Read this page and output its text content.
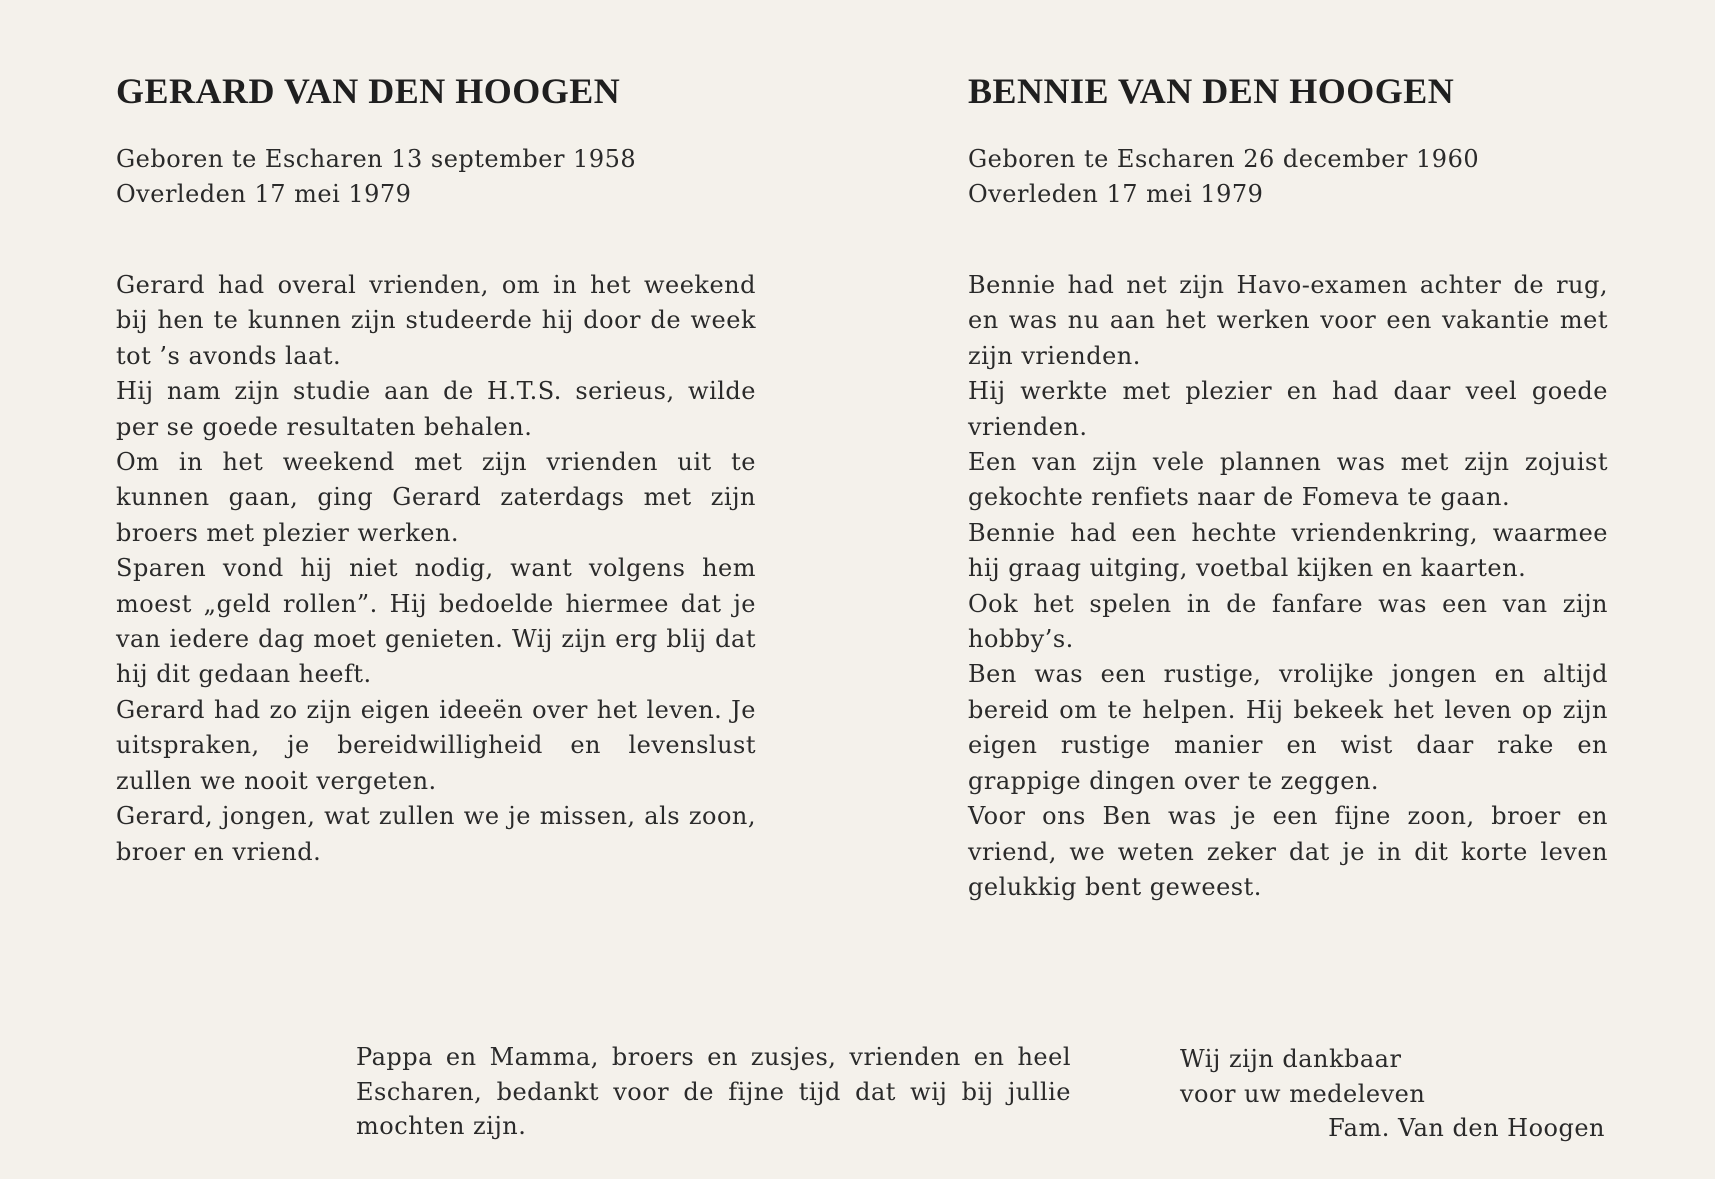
GERARD VAN DEN HOOGEN

Geboren te Escharen 13 september 1958

Overleden 17 mei 1979

Gerard had overal vrienden, om in het weekend bij hen te kunnen zijn studeerde hij door de week tot ’s avonds laat.

Hij nam zijn studie aan de H.T.S. serieus, wilde per se goede resultaten behalen.

Om in het weekend met zijn vrienden uit te kunnen gaan, ging Gerard zaterdags met zijn broers met plezier werken.

Sparen vond hij niet nodig, want volgens hem moest „geld rollen”. Hij bedoelde hiermee dat je van iedere dag moet genieten. Wij zijn erg blij dat hij dit gedaan heeft.

Gerard had zo zijn eigen ideeën over het leven. Je uitspraken, je bereidwilligheid en levenslust zullen we nooit vergeten.

Gerard, jongen, wat zullen we je missen, als zoon, broer en vriend.

BENNIE VAN DEN HOOGEN

Geboren te Escharen 26 december 1960

Overleden 17 mei 1979

Bennie had net zijn Havo-examen achter de rug, en was nu aan het werken voor een vakantie met zijn vrienden.

Hij werkte met plezier en had daar veel goede vrienden.

Een van zijn vele plannen was met zijn zojuist gekochte renfiets naar de Fomeva te gaan.

Bennie had een hechte vriendenkring, waarmee hij graag uitging, voetbal kijken en kaarten.

Ook het spelen in de fanfare was een van zijn hobby’s.

Ben was een rustige, vrolijke jongen en altijd bereid om te helpen. Hij bekeek het leven op zijn eigen rustige manier en wist daar rake en grappige dingen over te zeggen.

Voor ons Ben was je een fijne zoon, broer en vriend, we weten zeker dat je in dit korte leven gelukkig bent geweest.

Pappa en Mamma, broers en zusjes, vrienden en heel Escharen, bedankt voor de fijne tijd dat wij bij jullie mochten zijn.

Wij zijn dankbaar
voor uw medeleven
Fam. Van den Hoogen
